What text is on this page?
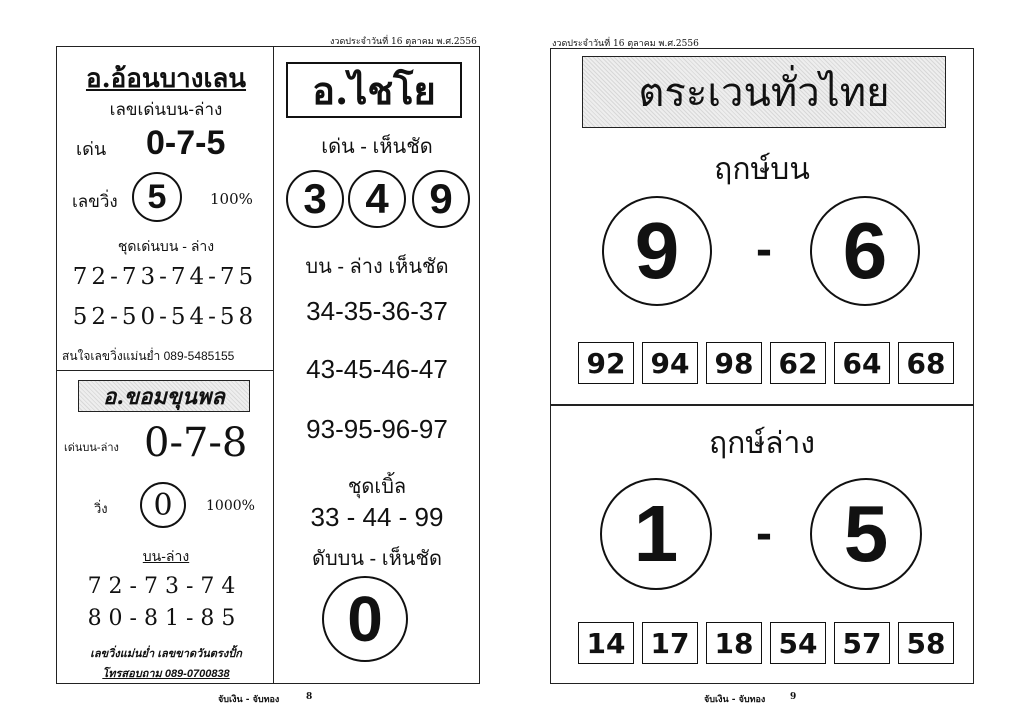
งวดประจำวันที่ 16 ตุลาคม พ.ศ.2556
อ.อ้อนบางเลน
เลขเด่นบน-ล่าง
เด่น 0-7-5
เลขวิ่ง 5	100%
ชุดเด่นบน - ล่าง
72-73-74-75
52-50-54-58
สนใจเลขวิ่งแม่นย่ำ 089-5485155
อ.ขอมขุนพล
เด่นบน-ล่าง 0-7-8
วิ่ง 0 1000%
บน-ล่าง
72-73-74
80-81-85
เลขวิ่งแม่นย่ำ เลขขาดวันตรงปั้ก
โทรสอบถาม 089-0700838
อ.ไชโย
เด่น - เห็นชัด
3 4 9
บน - ล่าง เห็นชัด
34-35-36-37
43-45-46-47
93-95-96-97
ชุดเบิ้ล
33 - 44 - 99
ดับบน - เห็นชัด
0
จับเงิน - จับทอง	8
งวดประจำวันที่ 16 ตุลาคม พ.ศ.2556
ตระเวนทั่วไทย
ฤกษ์บน
9	- 6
92 94 98 62 64 68
ฤกษ์ล่าง
1	- 5
14 17 18 54 57 58
จับเงิน - จับทอง	9
